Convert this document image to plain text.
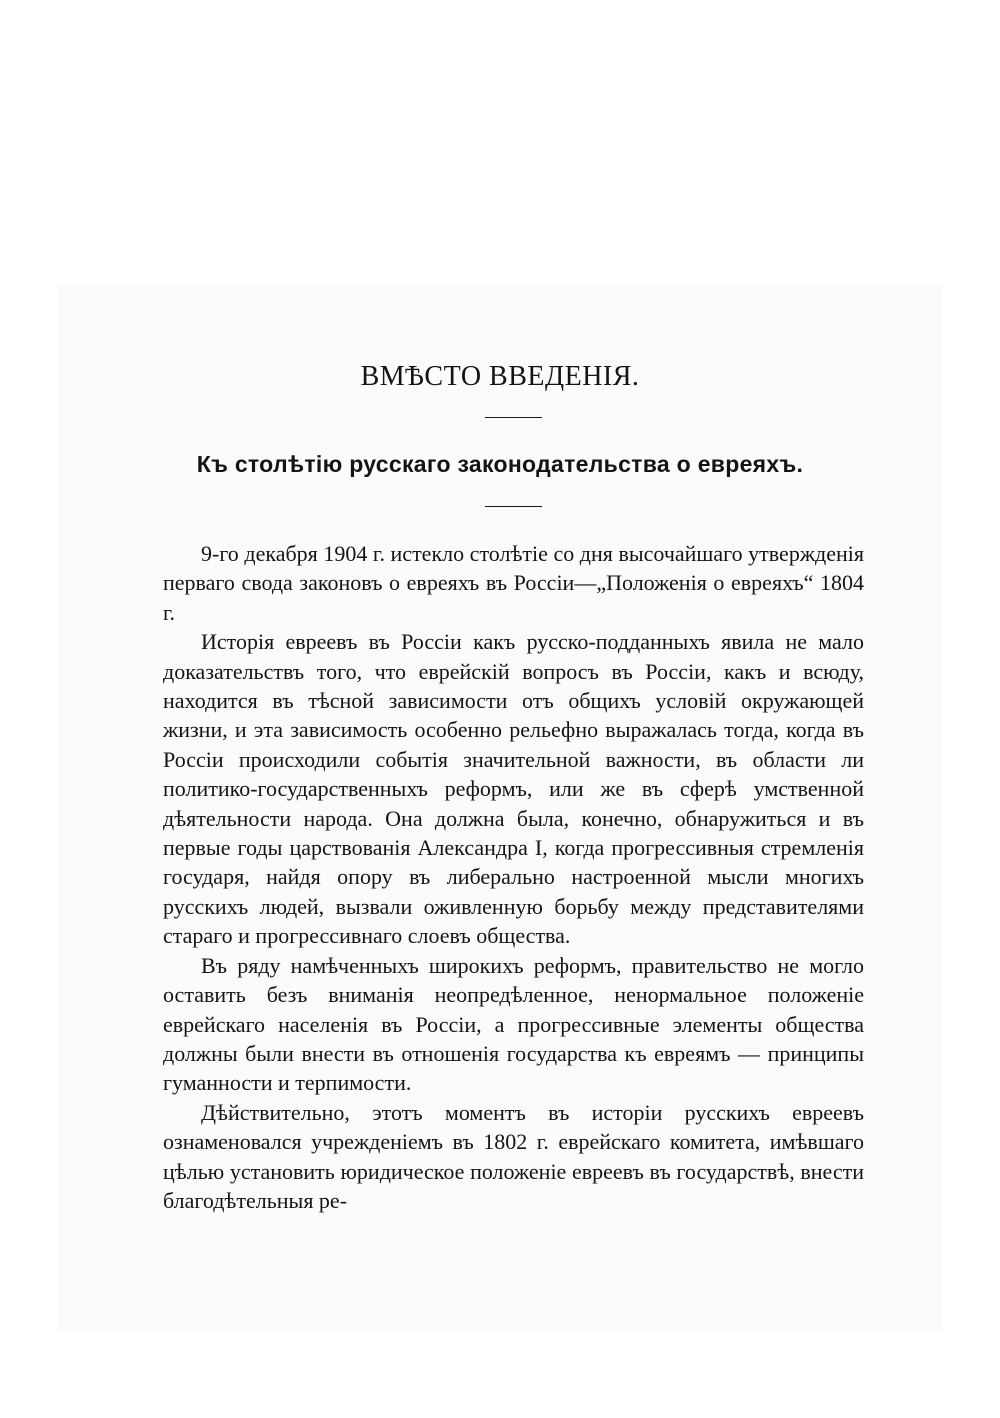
ВМѢСТО ВВЕДЕНІЯ.
Къ столѣтію русскаго законодательства о евреяхъ.

9-го декабря 1904 г. истекло столѣтіе со дня высочайшаго утвержденія перваго свода законовъ о евреяхъ въ Россіи—„Положенія о евреяхъ“ 1804 г.

Исторія евреевъ въ Россіи какъ русско-подданныхъ явила не мало доказательствъ того, что еврейскій вопросъ въ Россіи, какъ и всюду, находится въ тѣсной зависимости отъ общихъ условій окружающей жизни, и эта зависимость особенно рельефно выражалась тогда, когда въ Россіи происходили событія значительной важности, въ области ли политико-государственныхъ реформъ, или же въ сферѣ умственной дѣятельности народа. Она должна была, конечно, обнаружиться и въ первые годы царствованія Александра I, когда прогрессивныя стремленія государя, найдя опору въ либерально настроенной мысли многихъ русскихъ людей, вызвали оживленную борьбу между представителями стараго и прогрессивнаго слоевъ общества.

Въ ряду намѣченныхъ широкихъ реформъ, правительство не могло оставить безъ вниманія неопредѣленное, ненормальное положеніе еврейскаго населенія въ Россіи, а прогрессивные элементы общества должны были внести въ отношенія государства къ евреямъ — принципы гуманности и терпимости.

Дѣйствительно, этотъ моментъ въ исторіи русскихъ евреевъ ознаменовался учрежденіемъ въ 1802 г. еврейскаго комитета, имѣвшаго цѣлью установить юридическое положеніе евреевъ въ государствѣ, внести благодѣтельныя ре-
